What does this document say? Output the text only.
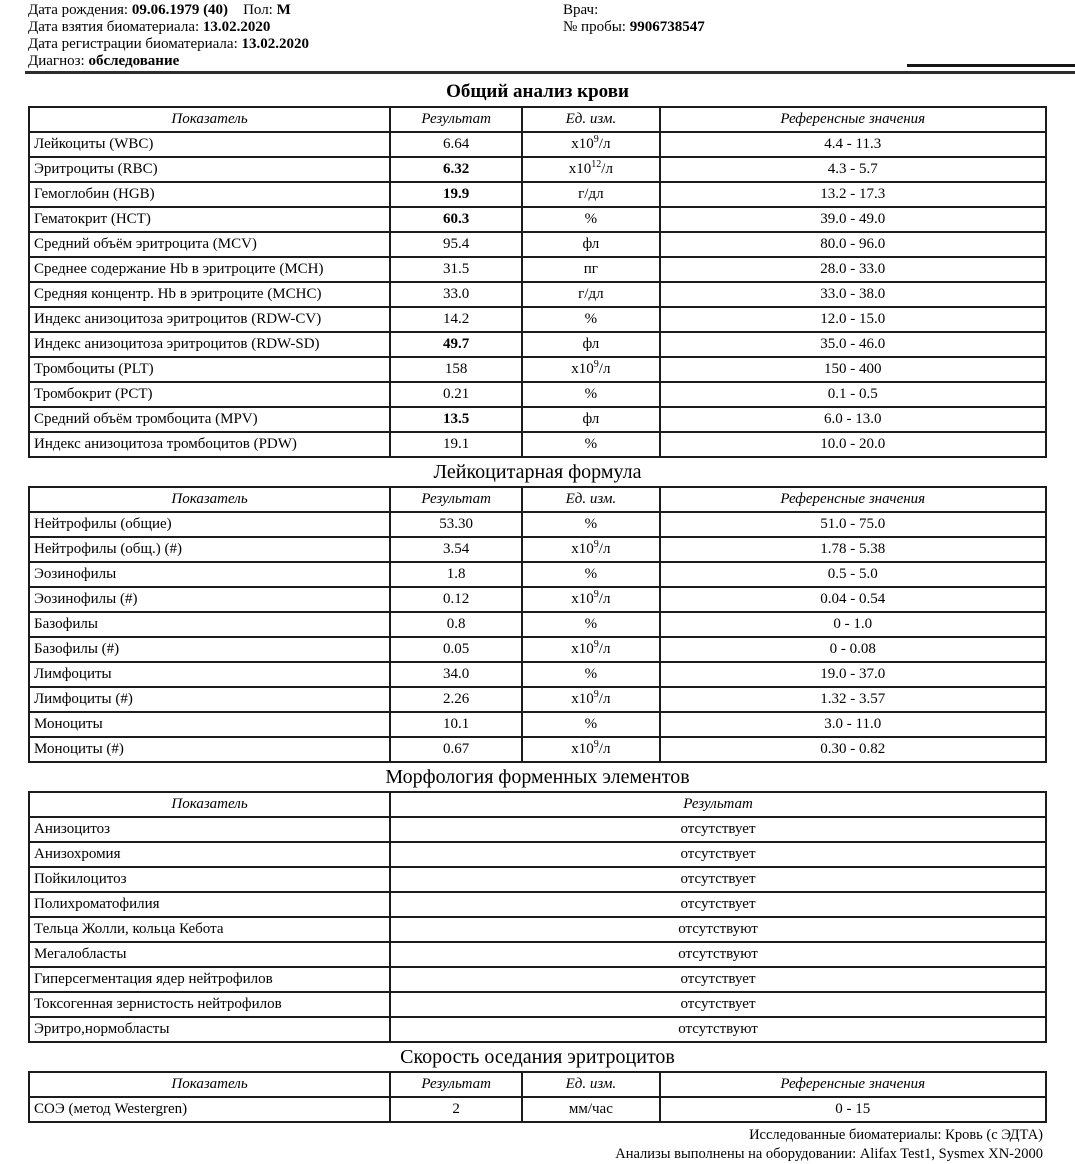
Дата рождения: 09.06.1979 (40)    Пол: М
Дата взятия биоматериала: 13.02.2020
Дата регистрации биоматериала: 13.02.2020
Диагноз: обследование
Врач:
№ пробы: 9906738547
Общий анализ крови
Показатель	Результат	Ед. изм.	Референсные значения
Лейкоциты (WBC)	6.64	$х10^9/л$	4.4 - 11.3
Эритроциты (RBC)	6.32	$х10^{12}/л$	4.3 - 5.7
Гемоглобин (HGB)	19.9	г/дл	13.2 - 17.3
Гематокрит (HCT)	60.3	%	39.0 - 49.0
Средний объём эритроцита (MCV)	95.4	фл	80.0 - 96.0
Среднее содержание Hb в эритроците (MCH)	31.5	пг	28.0 - 33.0
Средняя концентр. Hb в эритроците (MCHC)	33.0	г/дл	33.0 - 38.0
Индекс анизоцитоза эритроцитов (RDW-CV)	14.2	%	12.0 - 15.0
Индекс анизоцитоза эритроцитов (RDW-SD)	49.7	фл	35.0 - 46.0
Тромбоциты (PLT)	158	$х10^9/л$	150 - 400
Тромбокрит (PCT)	0.21	%	0.1 - 0.5
Средний объём тромбоцита (MPV)	13.5	фл	6.0 - 13.0
Индекс анизоцитоза тромбоцитов (PDW)	19.1	%	10.0 - 20.0
Лейкоцитарная формула
Показатель	Результат	Ед. изм.	Референсные значения
Нейтрофилы (общие)	53.30	%	51.0 - 75.0
Нейтрофилы (общ.) (#)	3.54	$х10^9/л$	1.78 - 5.38
Эозинофилы	1.8	%	0.5 - 5.0
Эозинофилы (#)	0.12	$х10^9/л$	0.04 - 0.54
Базофилы	0.8	%	0 - 1.0
Базофилы (#)	0.05	$х10^9/л$	0 - 0.08
Лимфоциты	34.0	%	19.0 - 37.0
Лимфоциты (#)	2.26	$х10^9/л$	1.32 - 3.57
Моноциты	10.1	%	3.0 - 11.0
Моноциты (#)	0.67	$х10^9/л$	0.30 - 0.82
Морфология форменных элементов
Показатель	Результат
Анизоцитоз	отсутствует
Анизохромия	отсутствует
Пойкилоцитоз	отсутствует
Полихроматофилия	отсутствует
Тельца Жолли, кольца Кебота	отсутствуют
Мегалобласты	отсутствуют
Гиперсегментация ядер нейтрофилов	отсутствует
Токсогенная зернистость нейтрофилов	отсутствует
Эритро,нормобласты	отсутствуют
Скорость оседания эритроцитов
Показатель	Результат	Ед. изм.	Референсные значения
СОЭ (метод Westergren)	2	мм/час	0 - 15
Исследованные биоматериалы: Кровь (с ЭДТА)
Анализы выполнены на оборудовании: Alifax Test1, Sysmex XN-2000
